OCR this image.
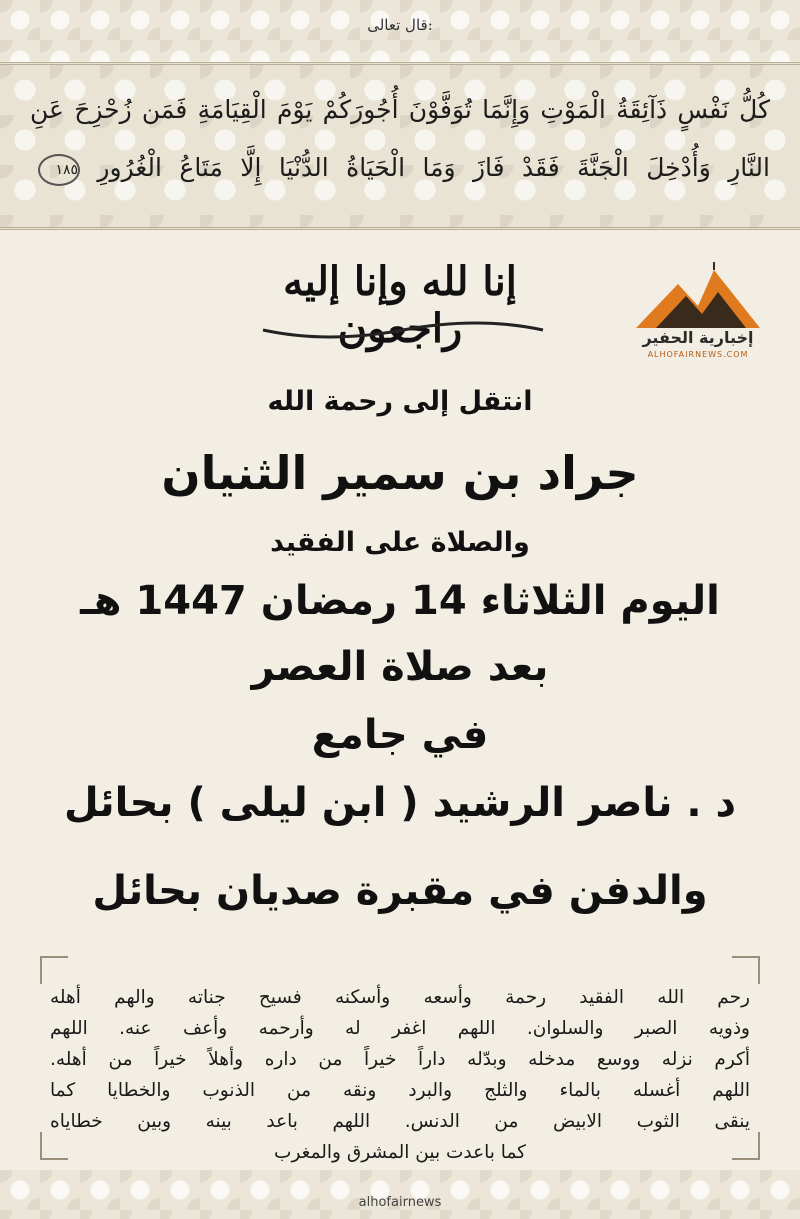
قال تعالى:
كُلُّ نَفْسٍ ذَآئِقَةُ الْمَوْتِ وَإِنَّمَا تُوَفَّوْنَ أُجُورَكُمْ يَوْمَ الْقِيَامَةِ فَمَن زُحْزِحَ عَنِ
النَّارِ وَأُدْخِلَ الْجَنَّةَ فَقَدْ فَازَ وَمَا الْحَيَاةُ الدُّنْيَا إِلَّا مَتَاعُ الْغُرُورِ ١٨٥
إنا لله وإنا إليه راجعون	إخبارية الحفير
ALHOFAIRNEWS.COM
انتقل إلى رحمة الله
جراد بن سمير الثنيان
والصلاة على الفقيد
اليوم الثلاثاء 14 رمضان 1447 هـ
بعد صلاة العصر
في جامع
د . ناصر الرشيد ( ابن ليلى ) بحائل
والدفن في مقبرة صديان بحائل

رحم الله الفقيد رحمة وأسعه وأسكنه فسيح جناته والهم أهله

وذويه الصبر والسلوان. اللهم اغفر له وأرحمه وأعف عنه. اللهم

أكرم نزله ووسع مدخله وبدّله داراً خيراً من داره وأهلاً خيراً من أهله.

اللهم أغسله بالماء والثلج والبرد ونقه من الذنوب والخطايا كما

ينقى الثوب الابيض من الدنس. اللهم باعد بينه وبين خطاياه

كما باعدت بين المشرق والمغرب

alhofairnews
